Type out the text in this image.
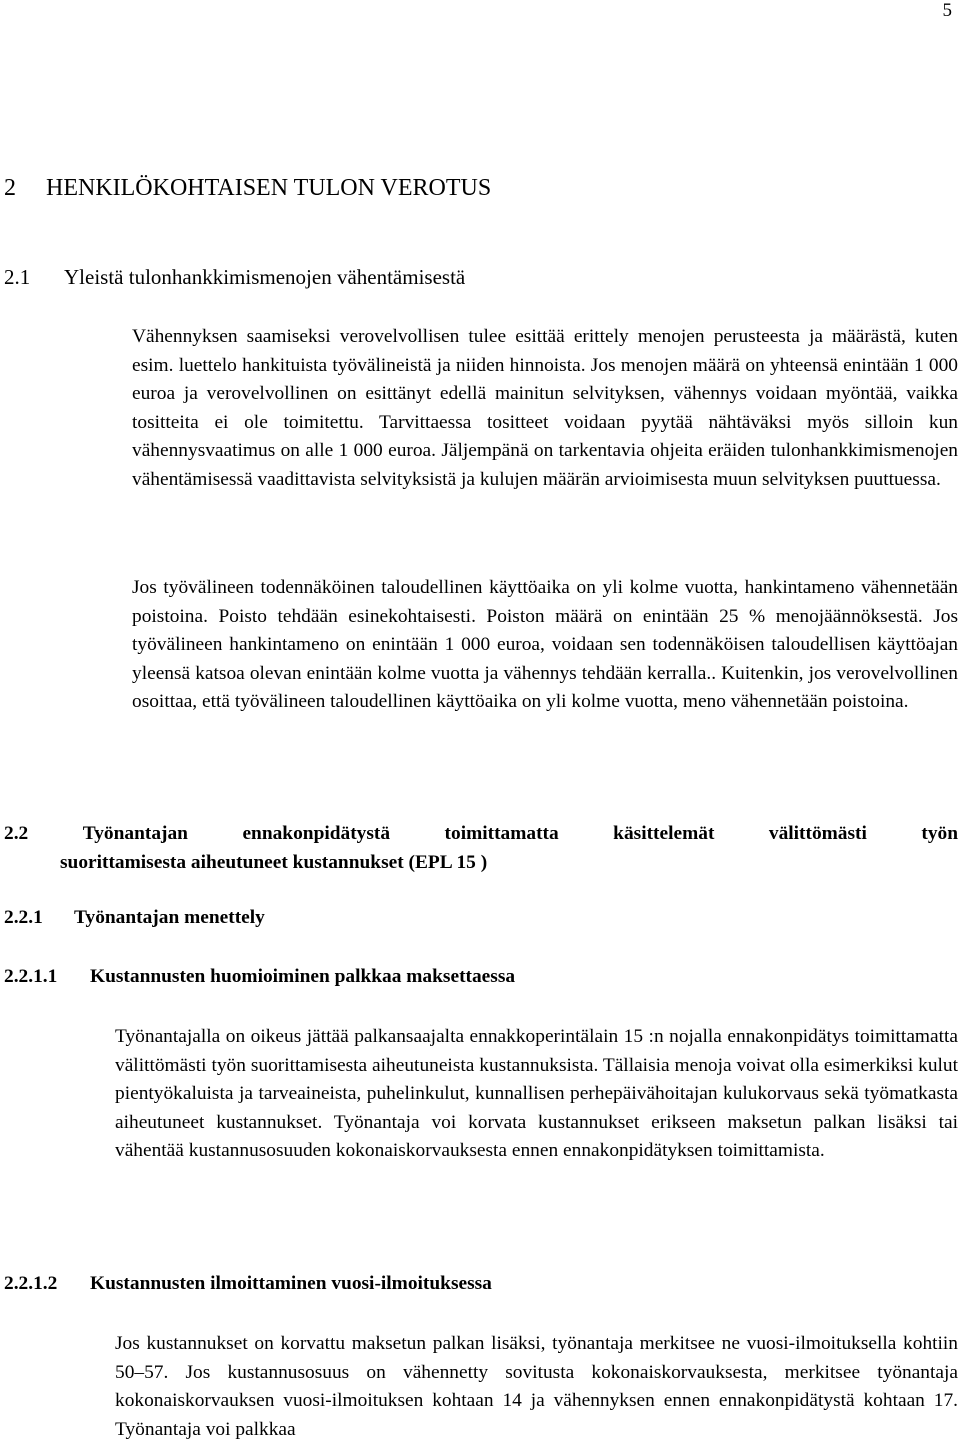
5
2 HENKILÖKOHTAISEN TULON VEROTUS
2.1 Yleistä tulonhankkimismenojen vähentämisestä
Vähennyksen saamiseksi verovelvollisen tulee esittää erittely menojen perusteesta ja määrästä, kuten esim. luettelo hankituista työvälineistä ja niiden hinnoista. Jos menojen määrä on yhteensä enintään 1 000 euroa ja verovelvollinen on esittänyt edellä mainitun selvityksen, vähennys voidaan myöntää, vaikka tositteita ei ole toimitettu. Tarvittaessa tositteet voidaan pyytää nähtäväksi myös silloin kun vähennysvaatimus on alle 1 000 euroa. Jäljempänä on tarkentavia ohjeita eräiden tulonhankkimismenojen vähentämisessä vaadittavista selvityksistä ja kulujen määrän arvioimisesta muun selvityksen puuttuessa.
Jos työvälineen todennäköinen taloudellinen käyttöaika on yli kolme vuotta, hankintameno vähennetään poistoina. Poisto tehdään esinekohtaisesti. Poiston määrä on enintään 25 % menojäännöksestä. Jos työvälineen hankintameno on enintään 1 000 euroa, voidaan sen todennäköisen taloudellisen käyttöajan yleensä katsoa olevan enintään kolme vuotta ja vähennys tehdään kerralla.. Kuitenkin, jos verovelvollinen osoittaa, että työvälineen taloudellinen käyttöaika on yli kolme vuotta, meno vähennetään poistoina.
2.2	Työnantajan	ennakonpidätystä	toimittamatta	käsittelemät	välittömästi	työn
suorittamisesta aiheutuneet kustannukset (EPL 15 )
2.2.1 Työnantajan menettely
2.2.1.1 Kustannusten huomioiminen palkkaa maksettaessa
Työnantajalla on oikeus jättää palkansaajalta ennakkoperintälain 15 :n nojalla ennakonpidätys toimittamatta välittömästi työn suorittamisesta aiheutuneista kustannuksista. Tällaisia menoja voivat olla esimerkiksi kulut pientyökaluista ja tarveaineista, puhelinkulut, kunnallisen perhepäivähoitajan kulukorvaus sekä työmatkasta aiheutuneet kustannukset. Työnantaja voi korvata kustannukset erikseen maksetun palkan lisäksi tai vähentää kustannusosuuden kokonaiskorvauksesta ennen ennakonpidätyksen toimittamista.
2.2.1.2 Kustannusten ilmoittaminen vuosi-ilmoituksessa
Jos kustannukset on korvattu maksetun palkan lisäksi, työnantaja merkitsee ne vuosi-ilmoituksella kohtiin 50–57. Jos kustannusosuus on vähennetty sovitusta kokonaiskorvauksesta, merkitsee työnantaja kokonaiskorvauksen vuosi-ilmoituksen kohtaan 14 ja vähennyksen ennen ennakonpidätystä kohtaan 17. Työnantaja voi palkkaa
